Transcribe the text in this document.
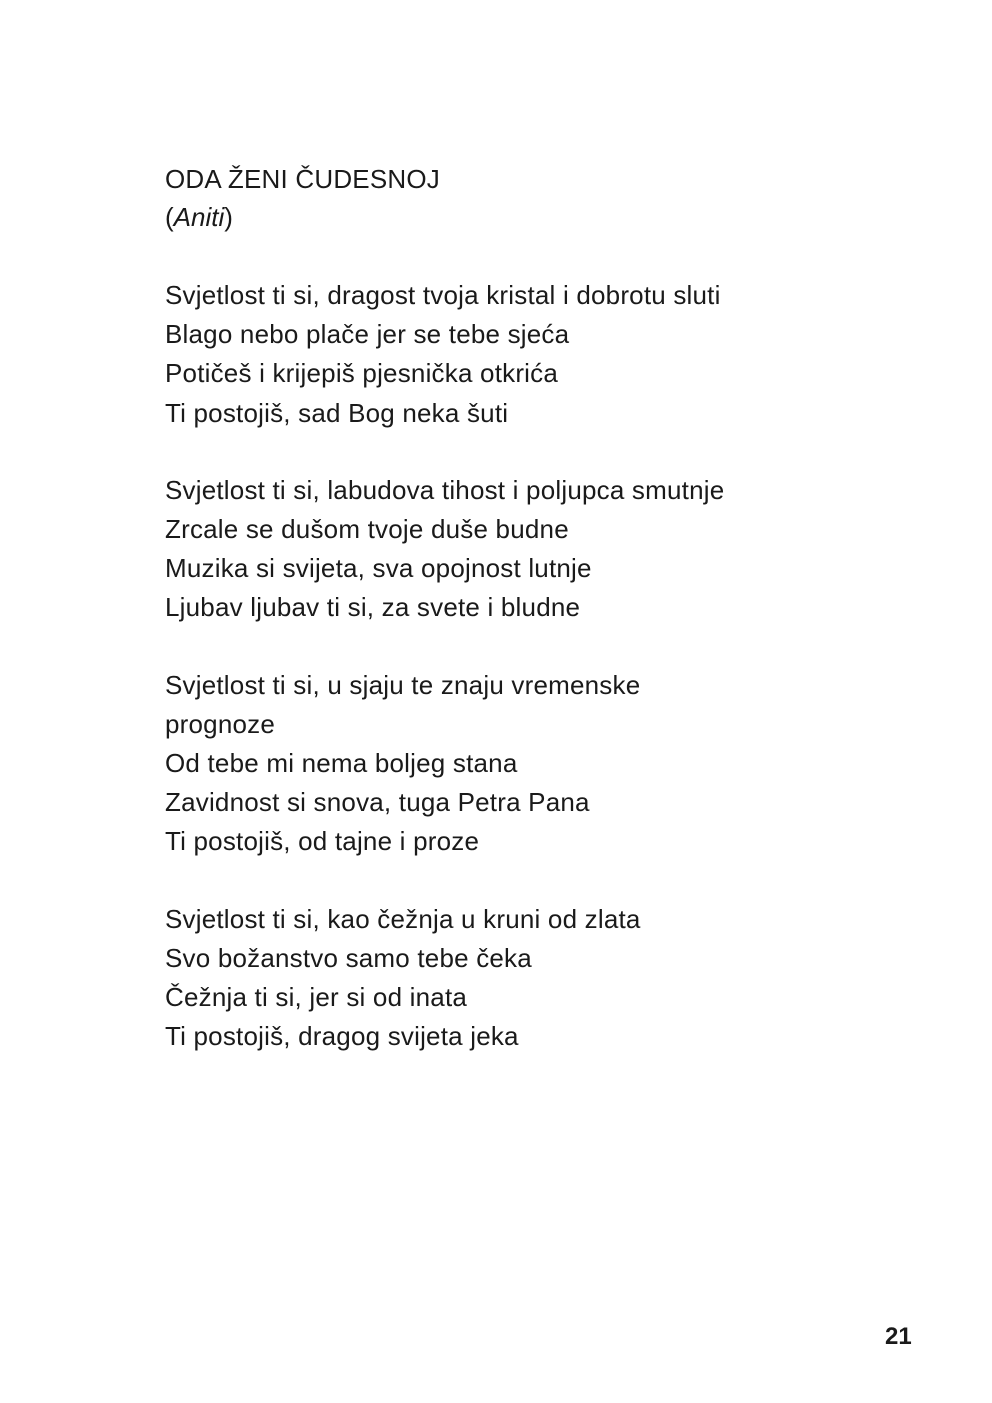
ODA ŽENI ČUDESNOJ

(Aniti)

Svjetlost ti si, dragost tvoja kristal i dobrotu sluti

Blago nebo plače jer se tebe sjeća

Potičeš i krijepiš pjesnička otkrića

Ti postojiš, sad Bog neka šuti

Svjetlost ti si, labudova tihost i poljupca smutnje

Zrcale se dušom tvoje duše budne

Muzika si svijeta, sva opojnost lutnje

Ljubav ljubav ti si, za svete i bludne

Svjetlost ti si, u sjaju te znaju vremenske

prognoze

Od tebe mi nema boljeg stana

Zavidnost si snova, tuga Petra Pana

Ti postojiš, od tajne i proze

Svjetlost ti si, kao čežnja u kruni od zlata

Svo božanstvo samo tebe čeka

Čežnja ti si, jer si od inata

Ti postojiš, dragog svijeta jeka

21
